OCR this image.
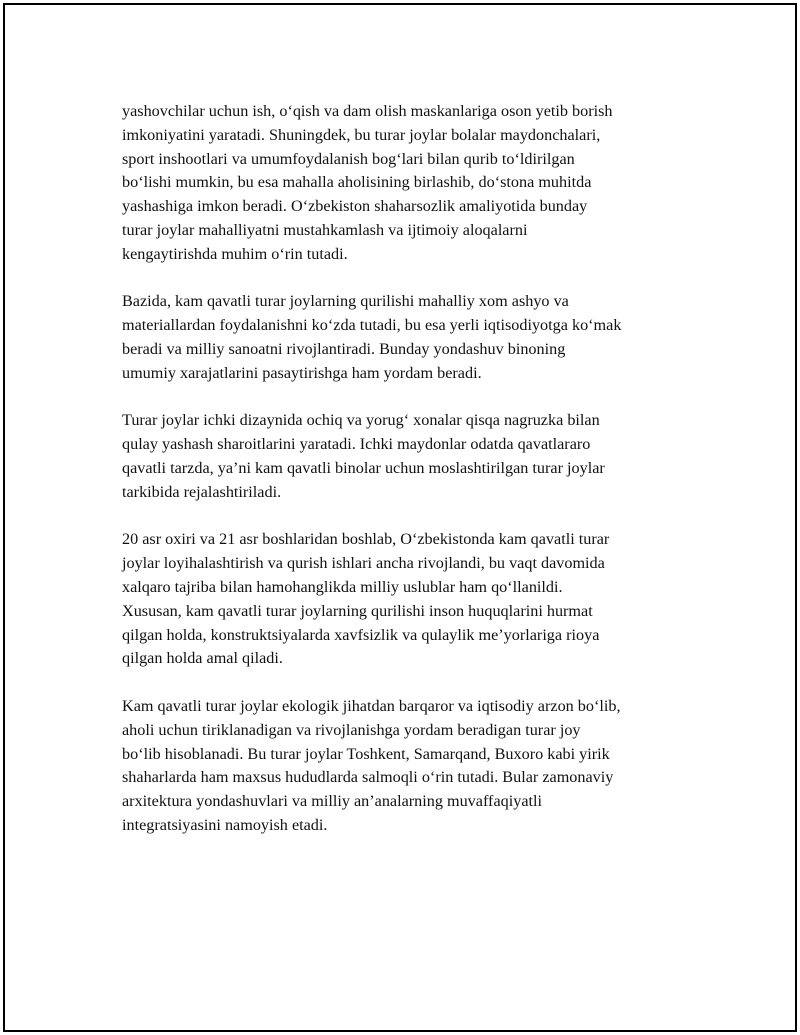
yashovchilar uchun ish, o‘qish va dam olish maskanlariga oson yetib borish
imkoniyatini yaratadi. Shuningdek, bu turar joylar bolalar maydonchalari,
sport inshootlari va umumfoydalanish bog‘lari bilan qurib to‘ldirilgan
bo‘lishi mumkin, bu esa mahalla aholisining birlashib, do‘stona muhitda
yashashiga imkon beradi. O‘zbekiston shaharsozlik amaliyotida bunday
turar joylar mahalliyatni mustahkamlash va ijtimoiy aloqalarni
kengaytirishda muhim o‘rin tutadi.

Bazida, kam qavatli turar joylarning qurilishi mahalliy xom ashyo va
materiallardan foydalanishni ko‘zda tutadi, bu esa yerli iqtisodiyotga ko‘mak
beradi va milliy sanoatni rivojlantiradi. Bunday yondashuv binoning
umumiy xarajatlarini pasaytirishga ham yordam beradi.

Turar joylar ichki dizaynida ochiq va yorug‘ xonalar qisqa nagruzka bilan
qulay yashash sharoitlarini yaratadi. Ichki maydonlar odatda qavatlararo
qavatli tarzda, ya’ni kam qavatli binolar uchun moslashtirilgan turar joylar
tarkibida rejalashtiriladi.

20 asr oxiri va 21 asr boshlaridan boshlab, O‘zbekistonda kam qavatli turar
joylar loyihalashtirish va qurish ishlari ancha rivojlandi, bu vaqt davomida
xalqaro tajriba bilan hamohanglikda milliy uslublar ham qo‘llanildi.
Xususan, kam qavatli turar joylarning qurilishi inson huquqlarini hurmat
qilgan holda, konstruktsiyalarda xavfsizlik va qulaylik me’yorlariga rioya
qilgan holda amal qiladi.

Kam qavatli turar joylar ekologik jihatdan barqaror va iqtisodiy arzon bo‘lib,
aholi uchun tiriklanadigan va rivojlanishga yordam beradigan turar joy
bo‘lib hisoblanadi. Bu turar joylar Toshkent, Samarqand, Buxoro kabi yirik
shaharlarda ham maxsus hududlarda salmoqli o‘rin tutadi. Bular zamonaviy
arxitektura yondashuvlari va milliy an’analarning muvaffaqiyatli
integratsiyasini namoyish etadi.
